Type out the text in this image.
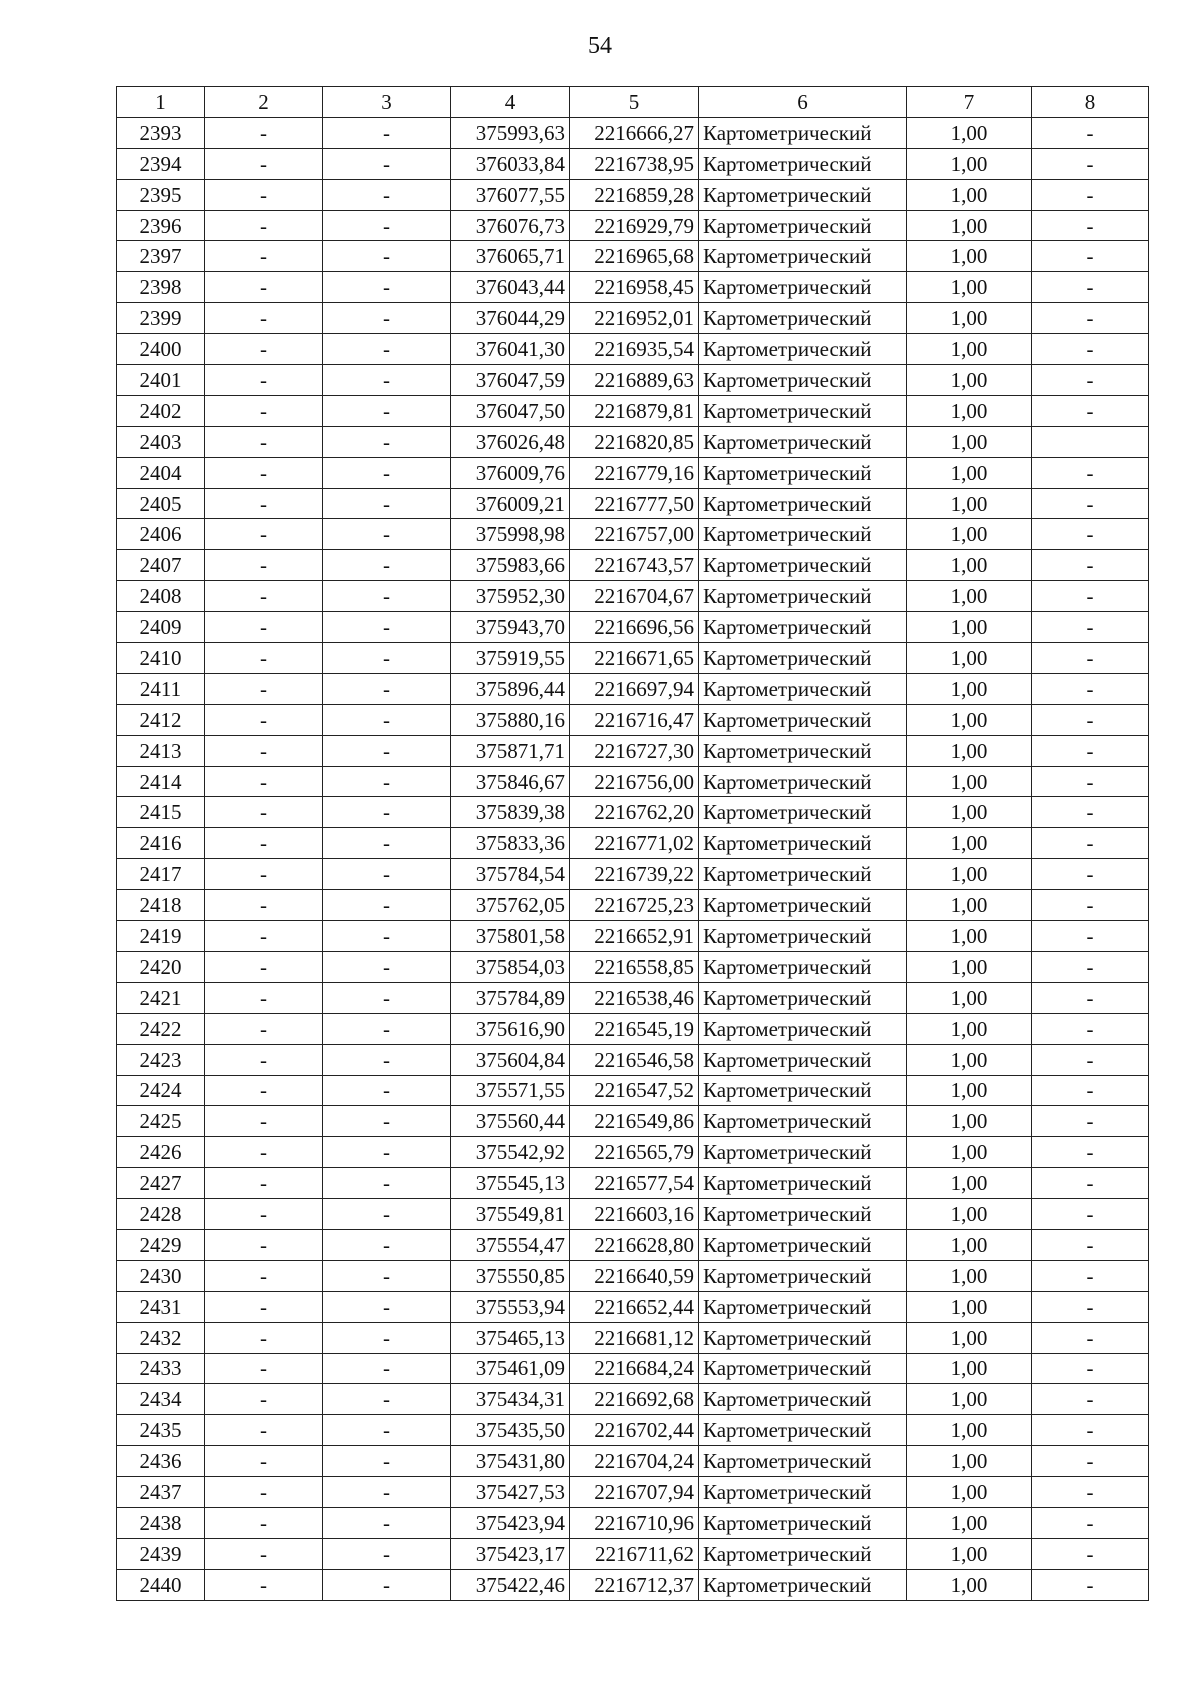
54
1	2	3	4	5	6	7	8
2393	-	-	375993,63	2216666,27	Картометрический	1,00	-
2394	-	-	376033,84	2216738,95	Картометрический	1,00	-
2395	-	-	376077,55	2216859,28	Картометрический	1,00	-
2396	-	-	376076,73	2216929,79	Картометрический	1,00	-
2397	-	-	376065,71	2216965,68	Картометрический	1,00	-
2398	-	-	376043,44	2216958,45	Картометрический	1,00	-
2399	-	-	376044,29	2216952,01	Картометрический	1,00	-
2400	-	-	376041,30	2216935,54	Картометрический	1,00	-
2401	-	-	376047,59	2216889,63	Картометрический	1,00	-
2402	-	-	376047,50	2216879,81	Картометрический	1,00	-
2403	-	-	376026,48	2216820,85	Картометрический	1,00	
2404	-	-	376009,76	2216779,16	Картометрический	1,00	-
2405	-	-	376009,21	2216777,50	Картометрический	1,00	-
2406	-	-	375998,98	2216757,00	Картометрический	1,00	-
2407	-	-	375983,66	2216743,57	Картометрический	1,00	-
2408	-	-	375952,30	2216704,67	Картометрический	1,00	-
2409	-	-	375943,70	2216696,56	Картометрический	1,00	-
2410	-	-	375919,55	2216671,65	Картометрический	1,00	-
2411	-	-	375896,44	2216697,94	Картометрический	1,00	-
2412	-	-	375880,16	2216716,47	Картометрический	1,00	-
2413	-	-	375871,71	2216727,30	Картометрический	1,00	-
2414	-	-	375846,67	2216756,00	Картометрический	1,00	-
2415	-	-	375839,38	2216762,20	Картометрический	1,00	-
2416	-	-	375833,36	2216771,02	Картометрический	1,00	-
2417	-	-	375784,54	2216739,22	Картометрический	1,00	-
2418	-	-	375762,05	2216725,23	Картометрический	1,00	-
2419	-	-	375801,58	2216652,91	Картометрический	1,00	-
2420	-	-	375854,03	2216558,85	Картометрический	1,00	-
2421	-	-	375784,89	2216538,46	Картометрический	1,00	-
2422	-	-	375616,90	2216545,19	Картометрический	1,00	-
2423	-	-	375604,84	2216546,58	Картометрический	1,00	-
2424	-	-	375571,55	2216547,52	Картометрический	1,00	-
2425	-	-	375560,44	2216549,86	Картометрический	1,00	-
2426	-	-	375542,92	2216565,79	Картометрический	1,00	-
2427	-	-	375545,13	2216577,54	Картометрический	1,00	-
2428	-	-	375549,81	2216603,16	Картометрический	1,00	-
2429	-	-	375554,47	2216628,80	Картометрический	1,00	-
2430	-	-	375550,85	2216640,59	Картометрический	1,00	-
2431	-	-	375553,94	2216652,44	Картометрический	1,00	-
2432	-	-	375465,13	2216681,12	Картометрический	1,00	-
2433	-	-	375461,09	2216684,24	Картометрический	1,00	-
2434	-	-	375434,31	2216692,68	Картометрический	1,00	-
2435	-	-	375435,50	2216702,44	Картометрический	1,00	-
2436	-	-	375431,80	2216704,24	Картометрический	1,00	-
2437	-	-	375427,53	2216707,94	Картометрический	1,00	-
2438	-	-	375423,94	2216710,96	Картометрический	1,00	-
2439	-	-	375423,17	2216711,62	Картометрический	1,00	-
2440	-	-	375422,46	2216712,37	Картометрический	1,00	-
